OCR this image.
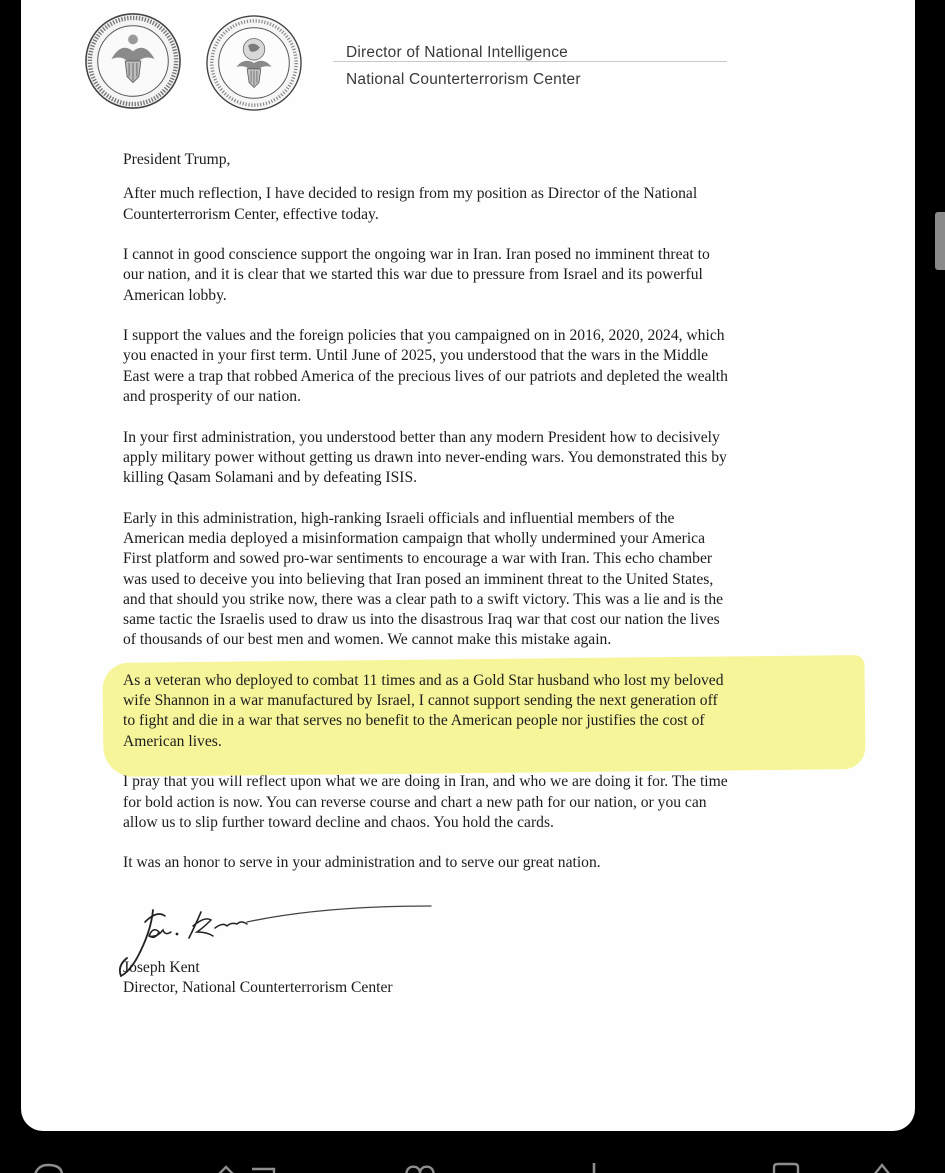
Director of National Intelligence
National Counterterrorism Center

President Trump,

After much reflection, I have decided to resign from my position as Director of the National
Counterterrorism Center, effective today.

I cannot in good conscience support the ongoing war in Iran. Iran posed no imminent threat to
our nation, and it is clear that we started this war due to pressure from Israel and its powerful
American lobby.

I support the values and the foreign policies that you campaigned on in 2016, 2020, 2024, which
you enacted in your first term. Until June of 2025, you understood that the wars in the Middle
East were a trap that robbed America of the precious lives of our patriots and depleted the wealth
and prosperity of our nation.

In your first administration, you understood better than any modern President how to decisively
apply military power without getting us drawn into never-ending wars. You demonstrated this by
killing Qasam Solamani and by defeating ISIS.

Early in this administration, high-ranking Israeli officials and influential members of the
American media deployed a misinformation campaign that wholly undermined your America
First platform and sowed pro-war sentiments to encourage a war with Iran. This echo chamber
was used to deceive you into believing that Iran posed an imminent threat to the United States,
and that should you strike now, there was a clear path to a swift victory. This was a lie and is the
same tactic the Israelis used to draw us into the disastrous Iraq war that cost our nation the lives
of thousands of our best men and women. We cannot make this mistake again.

As a veteran who deployed to combat 11 times and as a Gold Star husband who lost my beloved
wife Shannon in a war manufactured by Israel, I cannot support sending the next generation off
to fight and die in a war that serves no benefit to the American people nor justifies the cost of
American lives.

I pray that you will reflect upon what we are doing in Iran, and who we are doing it for. The time
for bold action is now. You can reverse course and chart a new path for our nation, or you can
allow us to slip further toward decline and chaos. You hold the cards.

It was an honor to serve in your administration and to serve our great nation.

Joseph Kent
Director, National Counterterrorism Center
